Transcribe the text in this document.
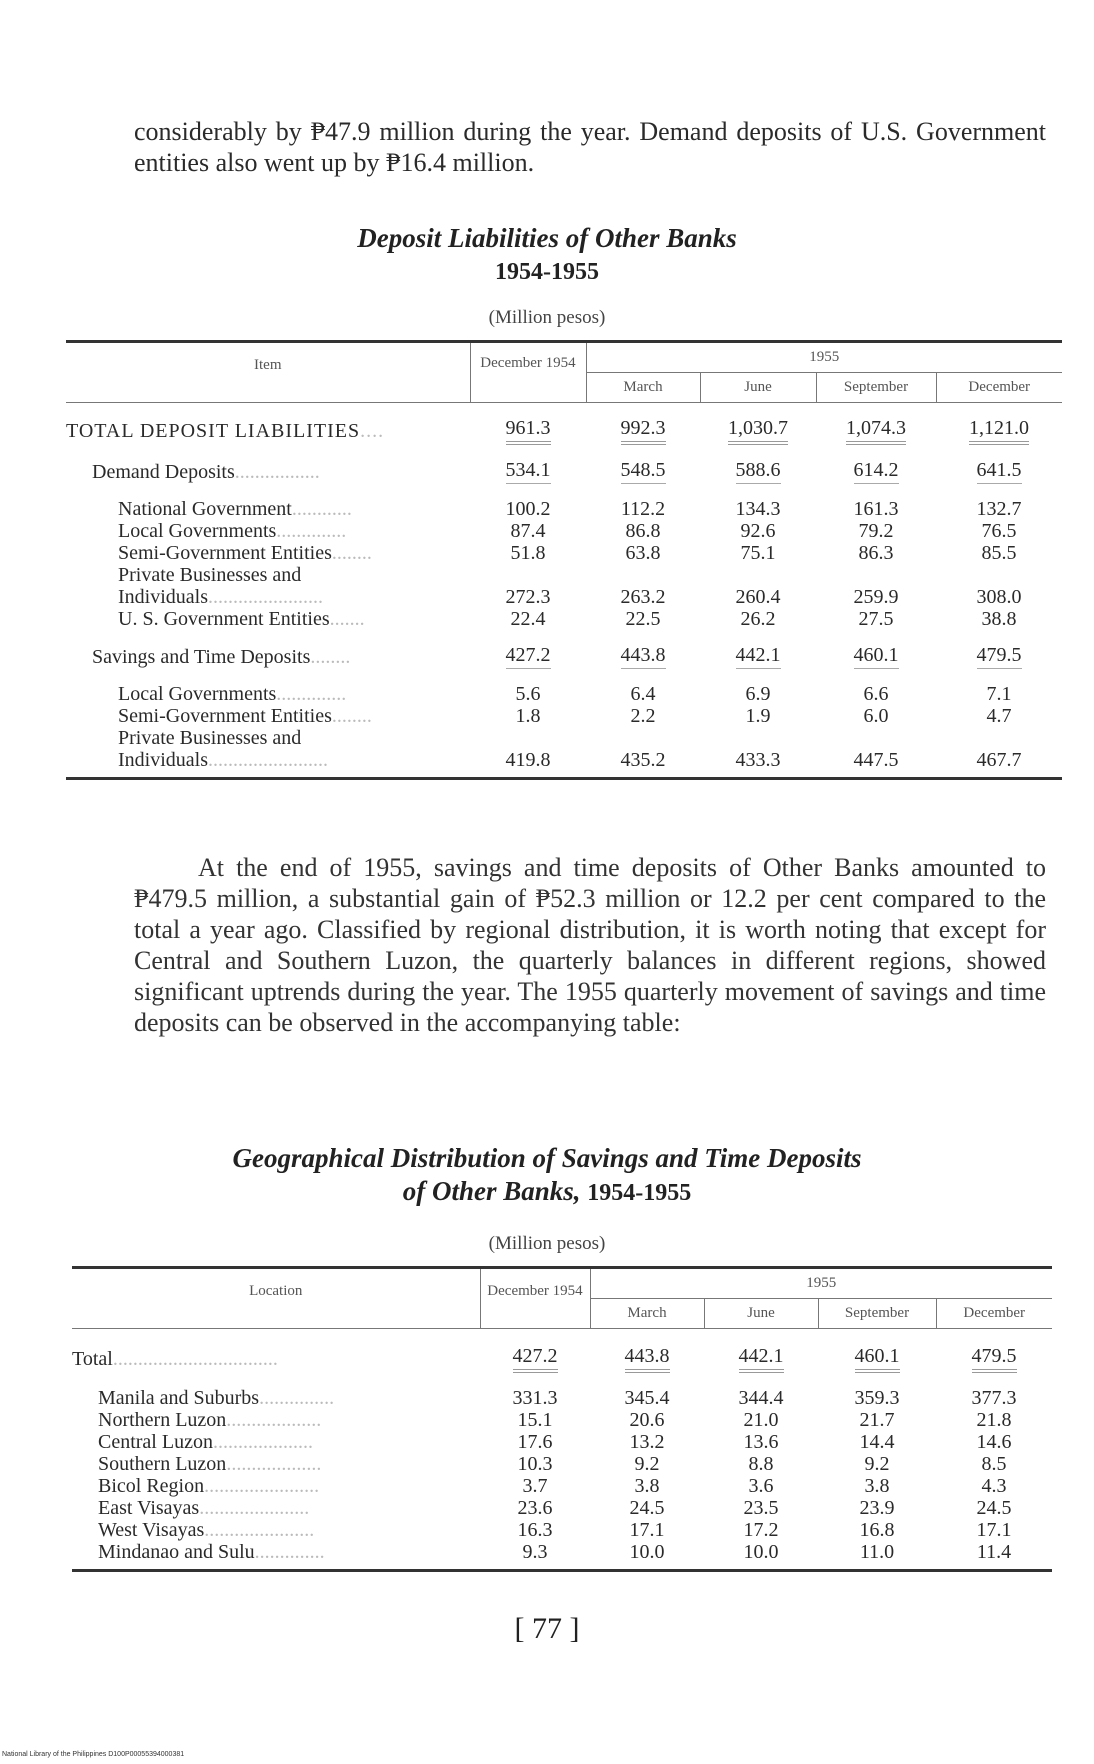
considerably by ₱47.9 million during the year. Demand deposits of U.S. Government entities also went up by ₱16.4 million.

Deposit Liabilities of Other Banks
1954-1955
(Million pesos)
Item	December 1954	1955			
		March	June	September	December

TOTAL DEPOSIT LIABILITIES....	961.3	992.3	1,030.7	1,074.3	1,121.0

Demand Deposits.................	534.1	548.5	588.6	614.2	641.5

National Government............	100.2	112.2	134.3	161.3	132.7
Local Governments..............	87.4	86.8	92.6	79.2	76.5
Semi-Government Entities........	51.8	63.8	75.1	86.3	85.5
Private Businesses and Individuals.......................	272.3	263.2	260.4	259.9	308.0
U. S. Government Entities.......	22.4	22.5	26.2	27.5	38.8

Savings and Time Deposits........	427.2	443.8	442.1	460.1	479.5

Local Governments..............	5.6	6.4	6.9	6.6	7.1
Semi-Government Entities........	1.8	2.2	1.9	6.0	4.7
Private Businesses and Individuals........................	419.8	435.2	433.3	447.5	467.7

At the end of 1955, savings and time deposits of Other Banks amounted to ₱479.5 million, a substantial gain of ₱52.3 million or 12.2 per cent compared to the total a year ago. Classified by regional distribution, it is worth noting that except for Central and Southern Luzon, the quarterly balances in different regions, showed significant uptrends during the year. The 1955 quarterly movement of savings and time deposits can be observed in the accompanying table:

Geographical Distribution of Savings and Time Deposits
of Other Banks, 1954-1955
(Million pesos)
Location	December 1954	1955			
		March	June	September	December

Total.................................	427.2	443.8	442.1	460.1	479.5

Manila and Suburbs...............	331.3	345.4	344.4	359.3	377.3
Northern Luzon...................	15.1	20.6	21.0	21.7	21.8
Central Luzon....................	17.6	13.2	13.6	14.4	14.6
Southern Luzon...................	10.3	9.2	8.8	9.2	8.5
Bicol Region.......................	3.7	3.8	3.6	3.8	4.3
East Visayas......................	23.6	24.5	23.5	23.9	24.5
West Visayas......................	16.3	17.1	17.2	16.8	17.1
Mindanao and Sulu..............	9.3	10.0	10.0	11.0	11.4
[ 77 ]
National Library of the Philippines D100P00055394000381
